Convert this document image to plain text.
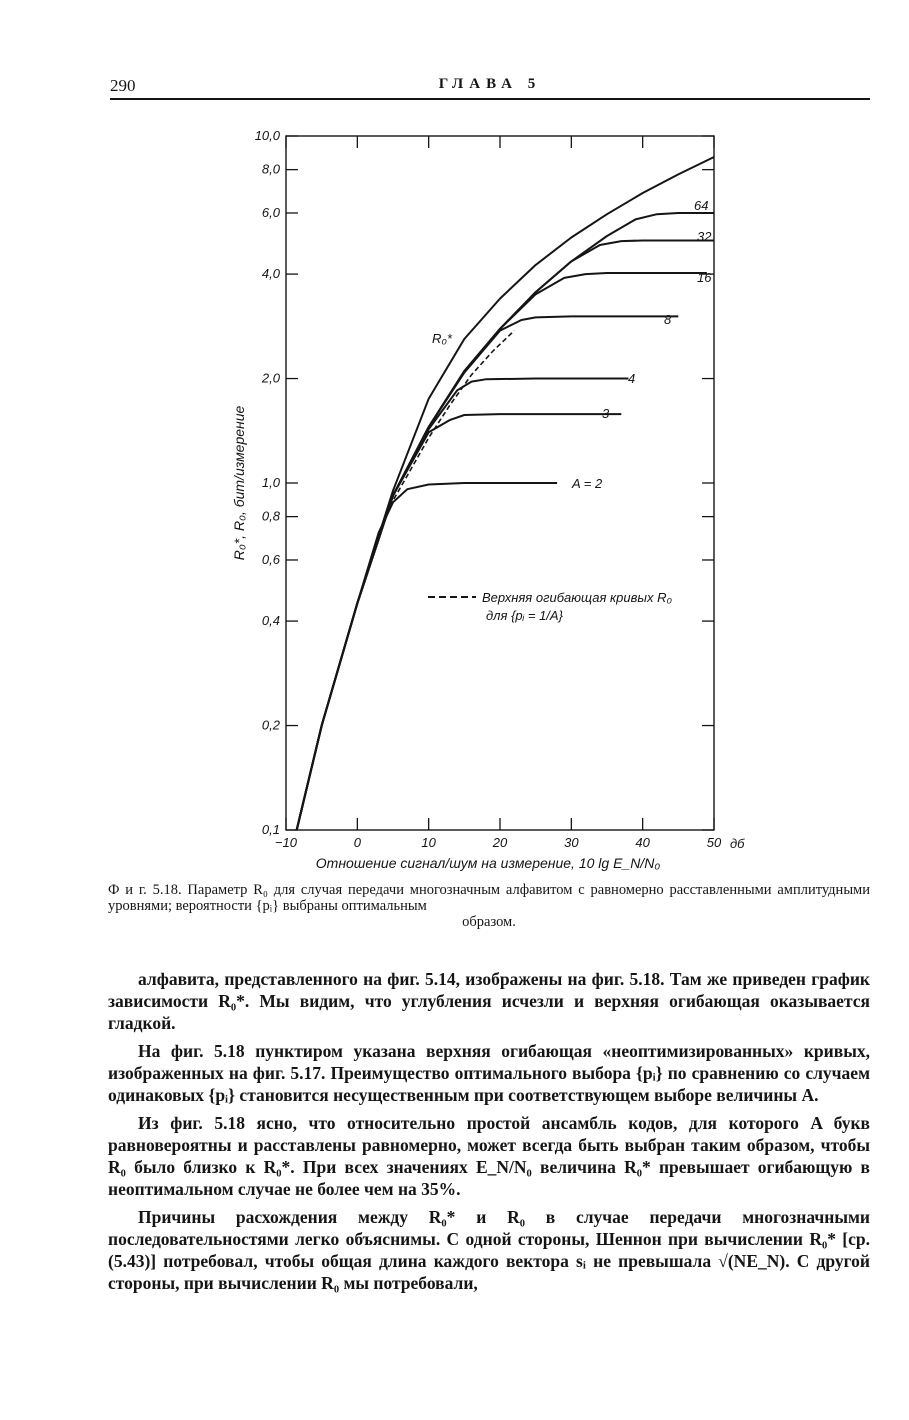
290	ГЛАВА 5
0,1
0,2
0,4
0,6
0,8
1,0
2,0
4,0
6,0
8,0
10,0
−10	0	10	20	30	40	50
R₀*
A = 2
3
4
8
16
32
64
Верхняя огибающая кривых R₀
для {pᵢ = 1/A}
R₀*, R₀, бит/измерение
Отношение сигнал/шум на измерение, 10 lg E_N/N₀
дб
Ф и г. 5.18. Параметр R₀ для случая передачи многозначным алфавитом с равномерно расставленными амплитудными уровнями; вероятности {pᵢ} выбраны оптимальным
образом.

алфавита, представленного на фиг. 5.14, изображены на фиг. 5.18. Там же приведен график зависимости R₀*. Мы видим, что углубления исчезли и верхняя огибающая оказывается гладкой.

На фиг. 5.18 пунктиром указана верхняя огибающая «неоптимизированных» кривых, изображенных на фиг. 5.17. Преимущество оптимального выбора {pᵢ} по сравнению со случаем одинаковых {pᵢ} становится несущественным при соответствующем выборе величины A.

Из фиг. 5.18 ясно, что относительно простой ансамбль кодов, для которого A букв равновероятны и расставлены равномерно, может всегда быть выбран таким образом, чтобы R₀ было близко к R₀*. При всех значениях E_N/N₀ величина R₀* превышает огибающую в неоптимальном случае не более чем на 35%.

Причины расхождения между R₀* и R₀ в случае передачи многозначными последовательностями легко объяснимы. С одной стороны, Шеннон при вычислении R₀* [ср. (5.43)] потребовал, чтобы общая длина каждого вектора sᵢ не превышала √(NE_N). С другой стороны, при вычислении R₀ мы потребовали,
